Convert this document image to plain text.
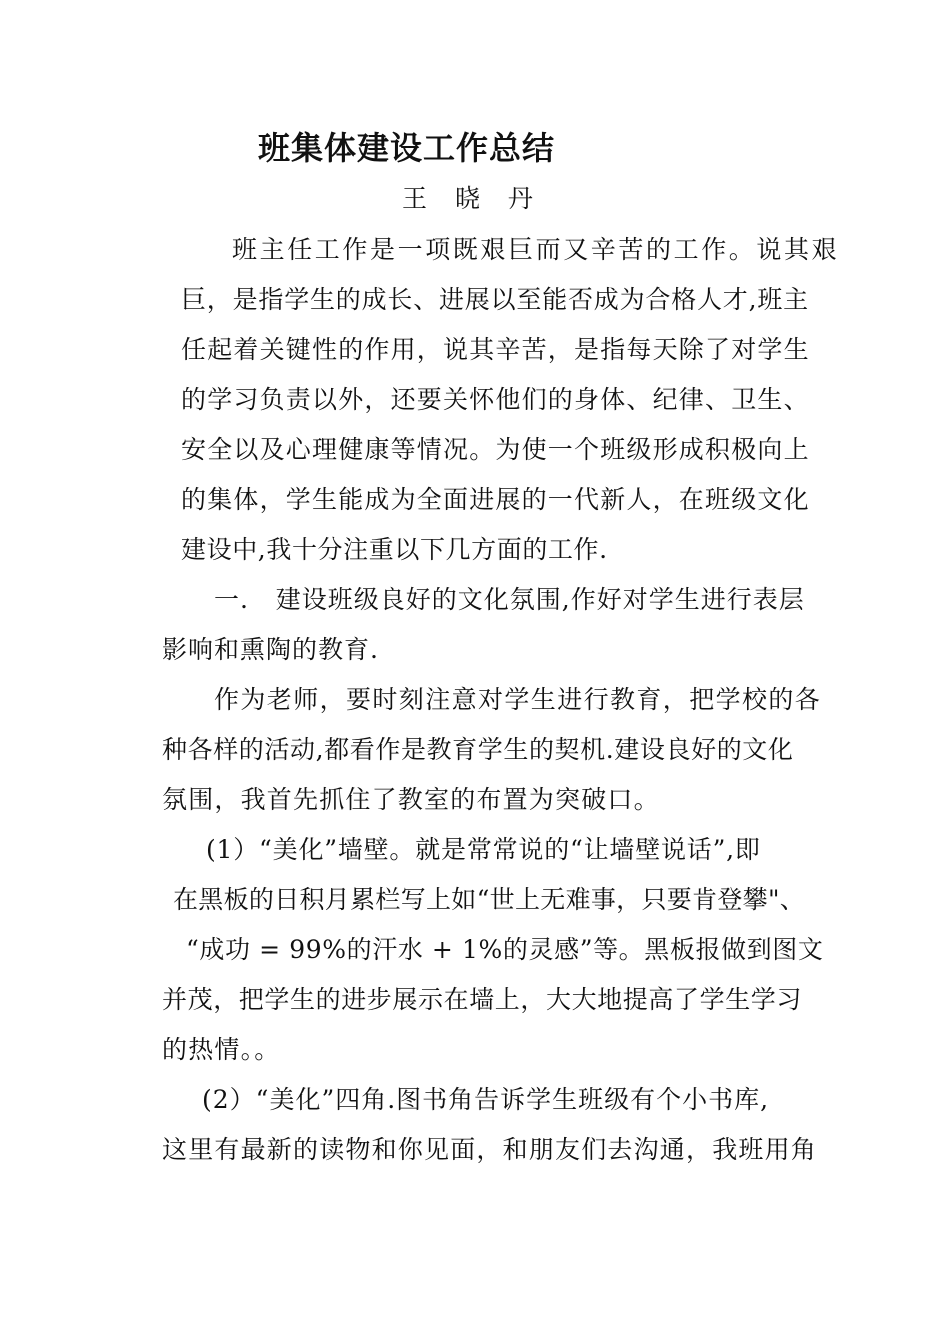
班集体建设工作总结
王 晓 丹
班主任工作是一项既艰巨而又辛苦的工作。说其艰
巨，是指学生的成长、进展以至能否成为合格人才,班主
任起着关键性的作用，说其辛苦，是指每天除了对学生
的学习负责以外，还要关怀他们的身体、纪律、卫生、
安全以及心理健康等情况。为使一个班级形成积极向上
的集体，学生能成为全面进展的一代新人，在班级文化
建设中,我十分注重以下几方面的工作.
一.   建设班级良好的文化氛围,作好对学生进行表层
影响和熏陶的教育.
作为老师，要时刻注意对学生进行教育，把学校的各
种各样的活动,都看作是教育学生的契机.建设良好的文化
氛围，我首先抓住了教室的布置为突破口。
(1）“美化”墙壁。就是常常说的“让墙壁说话”,即
在黑板的日积月累栏写上如“世上无难事，只要肯登攀"、
“成功 = 99%的汗水 + 1%的灵感”等。黑板报做到图文
并茂，把学生的进步展示在墙上，大大地提高了学生学习
的热情。。
(2）“美化”四角.图书角告诉学生班级有个小书库,
这里有最新的读物和你见面，和朋友们去沟通，我班用角
